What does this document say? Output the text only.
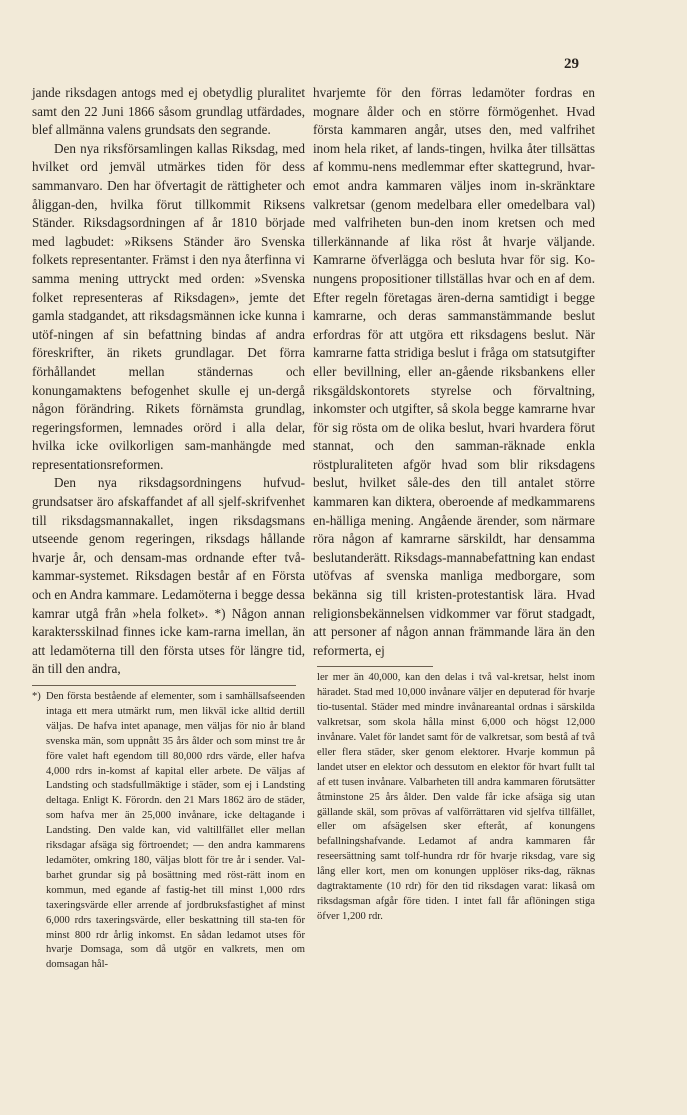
29

jande riksdagen antogs med ej obetydlig pluralitet samt den 22 Juni 1866 såsom grundlag utfärdades, blef allmänna valens grundsats den segrande.

Den nya riksförsamlingen kallas Riksdag, med hvilket ord jemväl utmärkes tiden för dess sammanvaro. Den har öfvertagit de rättigheter och åliggan-den, hvilka förut tillkommit Riksens Ständer. Riksdagsordningen af år 1810 började med lagbudet: »Riksens Ständer äro Svenska folkets representanter. Främst i den nya återfinna vi samma mening uttryckt med orden: »Svenska folket representeras af Riksdagen», jemte det gamla stadgandet, att riksdagsmännen icke kunna i utöf-ningen af sin befattning bindas af andra föreskrifter, än rikets grundlagar. Det förra förhållandet mellan ständernas och konungamaktens befogenhet skulle ej un-dergå någon förändring. Rikets förnämsta grundlag, regeringsformen, lemnades orörd i alla delar, hvilka icke ovilkorligen sam-manhängde med representationsreformen.

Den nya riksdagsordningens hufvud-grundsatser äro afskaffandet af all sjelf-skrifvenhet till riksdagsmannakallet, ingen riksdagsmans utseende genom regeringen, riksdags hållande hvarje år, och densam-mas ordnande efter två-kammar-systemet. Riksdagen består af en Första och en Andra kammare. Ledamöterna i begge dessa kamrar utgå från »hela folket». *) Någon annan karaktersskilnad finnes icke kam-rarna imellan, än att ledamöterna till den första utses för längre tid, än till den andra,

*) Den första bestående af elementer, som i samhällsafseenden intaga ett mera utmärkt rum, men likväl icke alltid dertill väljas. De hafva intet apanage, men väljas för nio år bland svenska män, som uppnått 35 års ålder och som minst tre år före valet haft egendom till 80,000 rdrs värde, eller hafva 4,000 rdrs in-komst af kapital eller arbete. De väljas af Landsting och stadsfullmäktige i städer, som ej i Landsting deltaga. Enligt K. Förordn. den 21 Mars 1862 äro de städer, som hafva mer än 25,000 invånare, icke deltagande i Landsting. Den valde kan, vid valtillfället eller mellan riksdagar afsäga sig förtroendet; — den andra kammarens ledamöter, omkring 180, väljas blott för tre år i sender. Val-barhet grundar sig på bosättning med röst-rätt inom en kommun, med egande af fastig-het till minst 1,000 rdrs taxeringsvärde eller arrende af jordbruksfastighet af minst 6,000 rdrs taxeringsvärde, eller beskattning till sta-ten för minst 800 rdr årlig inkomst. En sådan ledamot utses för hvarje Domsaga, som då utgör en valkrets, men om domsagan hål-

hvarjemte för den förras ledamöter fordras en mognare ålder och en större förmögenhet. Hvad första kammaren angår, utses den, med valfrihet inom hela riket, af lands-tingen, hvilka åter tillsättas af kommu-nens medlemmar efter skattegrund, hvar-emot andra kammaren väljes inom in-skränktare valkretsar (genom medelbara eller omedelbara val) med valfriheten bun-den inom kretsen och med tillerkännande af lika röst åt hvarje väljande. Kamrarne öfverlägga och besluta hvar för sig. Ko-nungens propositioner tillställas hvar och en af dem. Efter regeln företagas ären-derna samtidigt i begge kamrarne, och deras sammanstämmande beslut erfordras för att utgöra ett riksdagens beslut. När kamrarne fatta stridiga beslut i fråga om statsutgifter eller bevillning, eller an-gående riksbankens eller riksgäldskontorets styrelse och förvaltning, inkomster och utgifter, så skola begge kamrarne hvar för sig rösta om de olika beslut, hvari hvardera förut stannat, och den samman-räknade enkla röstpluraliteten afgör hvad som blir riksdagens beslut, hvilket sålе-des den till antalet större kammaren kan diktera, oberoende af medkammarens en-hälliga mening. Angående ärender, som närmare röra någon af kamrarne särskildt, har densamma beslutanderätt. Riksdags-mannabefattning kan endast utöfvas af svenska manliga medborgare, som bekänna sig till kristen-protestantisk lära. Hvad religionsbekännelsen vidkommer var förut stadgadt, att personer af någon annan främmande lära än den reformerta, ej

ler mer än 40,000, kan den delas i två val-kretsar, helst inom häradet. Stad med 10,000 invånare väljer en deputerad för hvarje tio-tusental. Städer med mindre invånarеantal ordnas i särskilda valkretsar, som skola hålla minst 6,000 och högst 12,000 invånare. Valet för landet samt för de valkretsar, som bestå af två eller flera städer, sker genom elektorer. Hvarje kommun på landet utser en elektor och dessutom en elektor för hvart fullt tal af ett tusen invånare. Valbarheten till andra kammaren förutsätter åtminstone 25 års ålder. Den valde får icke afsäga sig utan gällande skäl, som prövas af valförrättaren vid sjelfva tillfället, eller om afsägelsen sker efteråt, af konungens befallningshafvande. Ledamot af andra kammaren får reseersättning samt tolf-hundra rdr för hvarje riksdag, vare sig lång eller kort, men om konungen upplöser riks-dag, räknas dagtraktamente (10 rdr) för den tid riksdagen varat: likaså om riksdagsman afgår före tiden. I intet fall får aflöningen stiga öfver 1,200 rdr.
